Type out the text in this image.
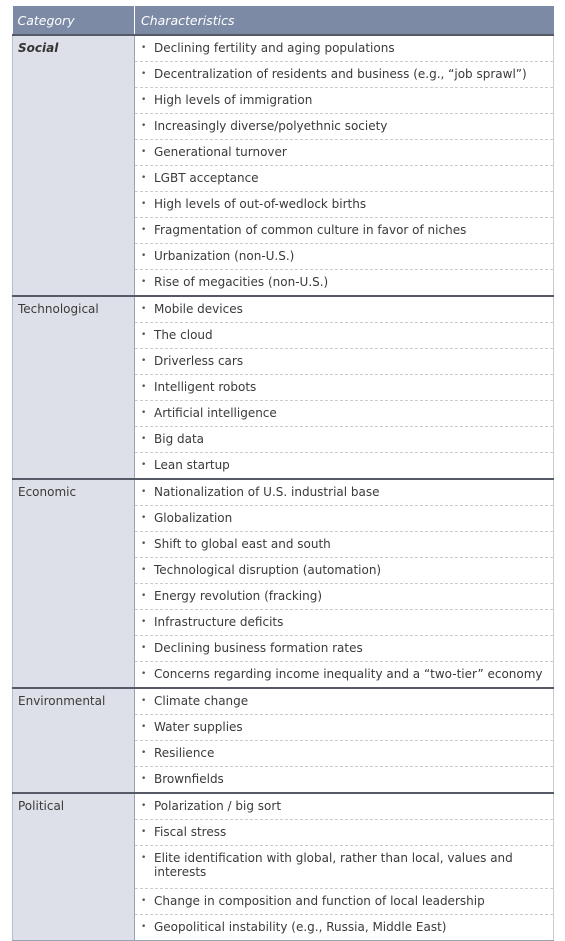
Category	Characteristics
Social	• Declining fertility and aging populations

	• Decentralization of residents and business (e.g., “job sprawl”)

	• High levels of immigration

	• Increasingly diverse/polyethnic society

	• Generational turnover

	• LGBT acceptance

	• High levels of out-of-wedlock births

	• Fragmentation of common culture in favor of niches

	• Urbanization (non-U.S.)

	• Rise of megacities (non-U.S.)

Technological	• Mobile devices

	• The cloud

	• Driverless cars

	• Intelligent robots

	• Artificial intelligence

	• Big data

	• Lean startup

Economic	• Nationalization of U.S. industrial base

	• Globalization

	• Shift to global east and south

	• Technological disruption (automation)

	• Energy revolution (fracking)

	• Infrastructure deficits

	• Declining business formation rates

	• Concerns regarding income inequality and a “two-tier” economy

Environmental	• Climate change

	• Water supplies

	• Resilience

	• Brownfields

Political	• Polarization / big sort

	• Fiscal stress

	• Elite identification with global, rather than local, values and interests

	• Change in composition and function of local leadership

	• Geopolitical instability (e.g., Russia, Middle East)
